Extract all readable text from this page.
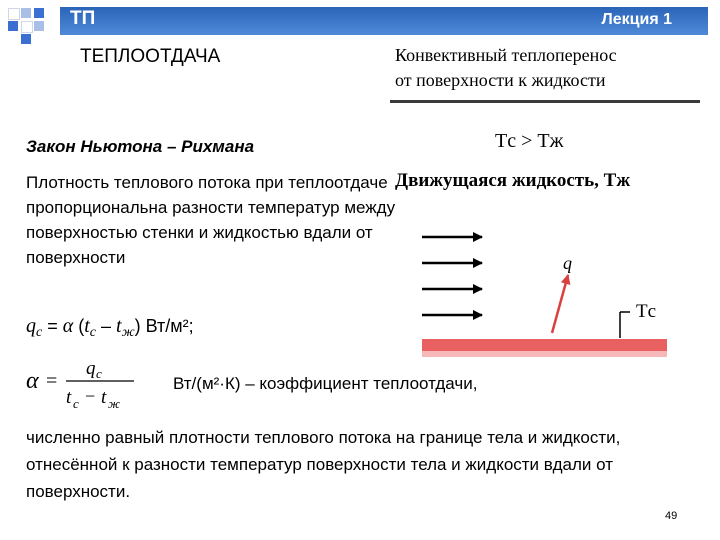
ТП	Лекция 1
ТЕПЛООТДАЧА
Закон Ньютона – Рихмана
Плотность теплового потока при теплоотдаче пропорциональна разности температур между поверхностью стенки и жидкостью вдали от поверхности
$q_с = \alpha$ $(t_с - t_ж)$ Вт/м²;
α =
q с
t с − t ж
Вт/(м²·К) – коэффициент теплоотдачи,
численно равный плотности теплового потока на границе тела и жидкости, отнесённой к разности температур поверхности тела и жидкости вдали от поверхности.
49
Конвективный теплоперенос
от поверхности к жидкости
Tс > Tж
Движущаяся жидкость, Tж
q
Tс
